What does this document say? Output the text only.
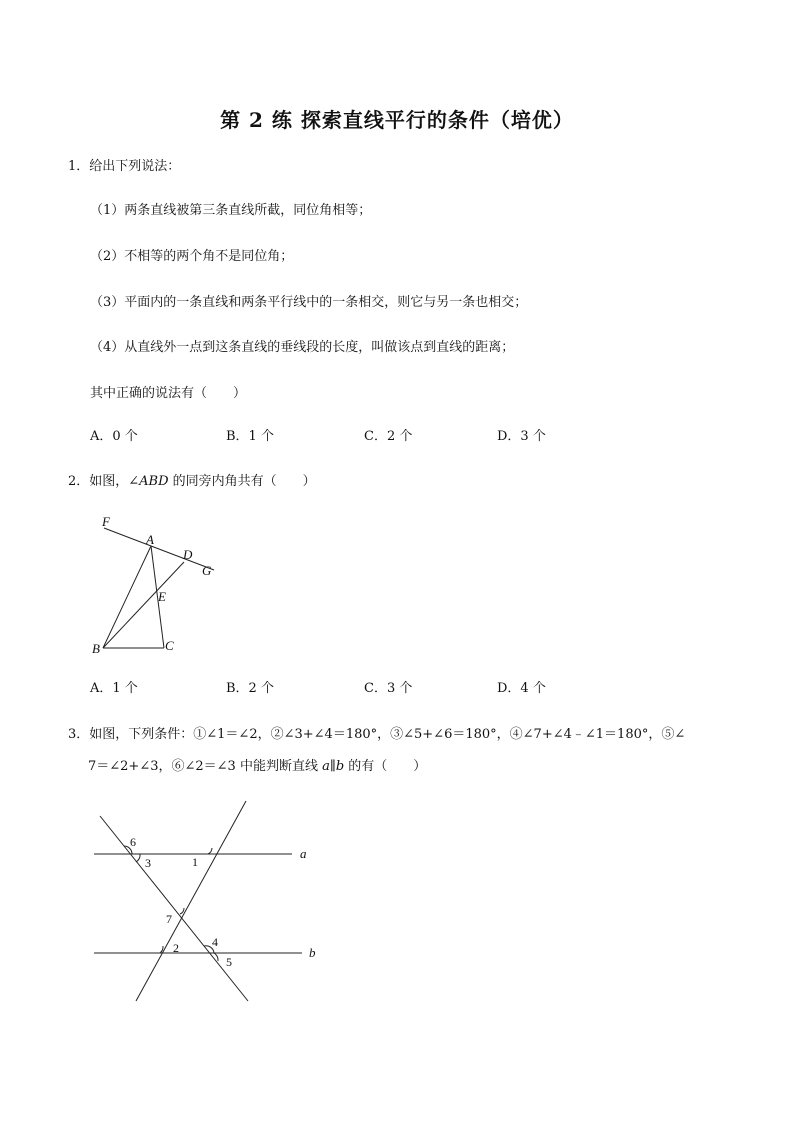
第 2 练 探索直线平行的条件（培优）
1．给出下列说法：
（1）两条直线被第三条直线所截，同位角相等；
（2）不相等的两个角不是同位角；
（3）平面内的一条直线和两条平行线中的一条相交，则它与另一条也相交；
（4）从直线外一点到这条直线的垂线段的长度，叫做该点到直线的距离；
其中正确的说法有（　　）
A．0 个	B．1 个	C．2 个	D．3 个
2．如图，∠ABD 的同旁内角共有（　　）
F
A
D
G
E
B	C
A．1 个	B．2 个	C．3 个	D．4 个
3．如图，下列条件：①∠1＝∠2，②∠3+∠4＝180°，③∠5+∠6＝180°，④∠7+∠4﹣∠1＝180°，⑤∠
7＝∠2+∠3，⑥∠2＝∠3 中能判断直线 a∥b 的有（　　）
6
3	1
7
2	4
5
a
b
